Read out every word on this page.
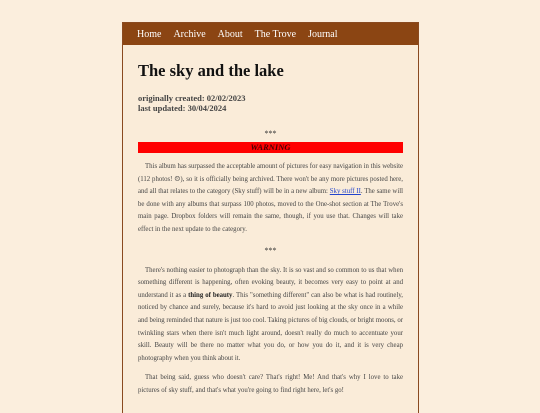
Home Archive About The Trove Journal
The sky and the lake
originally created: 02/02/2023
last updated: 30/04/2024
***
WARNING

This album has surpassed the acceptable amount of pictures for easy navigation in this website (112 photos! ☹), so it is officially being archived. There won't be any more pictures posted here, and all that relates to the category (Sky stuff) will be in a new album: Sky stuff II. The same will be done with any albums that surpass 100 photos, moved to the One-shot section at The Trove's main page. Dropbox folders will remain the same, though, if you use that. Changes will take effect in the next update to the category.

***

There's nothing easier to photograph than the sky. It is so vast and so common to us that when something different is happening, often evoking beauty, it becomes very easy to point at and understand it as a thing of beauty. This "something different" can also be what is had routinely, noticed by chance and surely, because it's hard to avoid just looking at the sky once in a while and being reminded that nature is just too cool. Taking pictures of big clouds, or bright moons, or twinkling stars when there isn't much light around, doesn't really do much to accentuate your skill. Beauty will be there no matter what you do, or how you do it, and it is very cheap photography when you think about it.

That being said, guess who doesn't care? That's right! Me! And that's why I love to take pictures of sky stuff, and that's what you're going to find right here, let's go!
